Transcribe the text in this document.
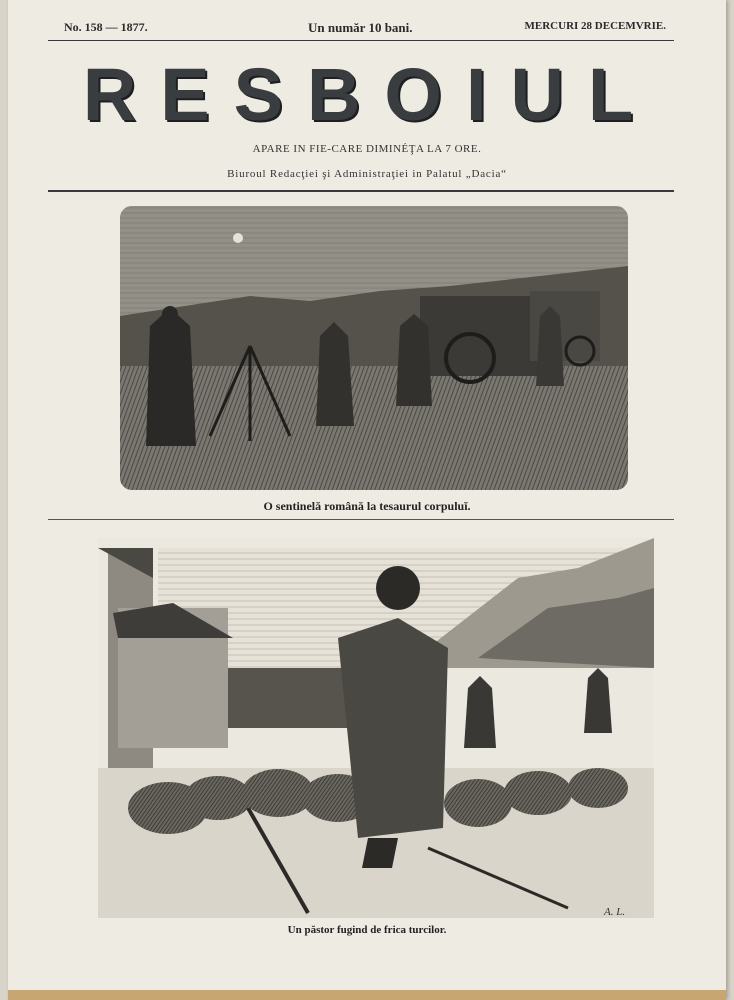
No. 158 — 1877.	Un număr 10 bani.	MERCURI 28 DECEMVRIE.
RESBOIUL
APARE IN FIE-CARE DIMINÉŢA LA 7 ORE.
Biuroul Redacţiei şi Administraţiei in Palatul „Dacia“
O sentinelă română la tesaurul corpuluĭ.
A. L.
Un păstor fugind de frica turcilor.
